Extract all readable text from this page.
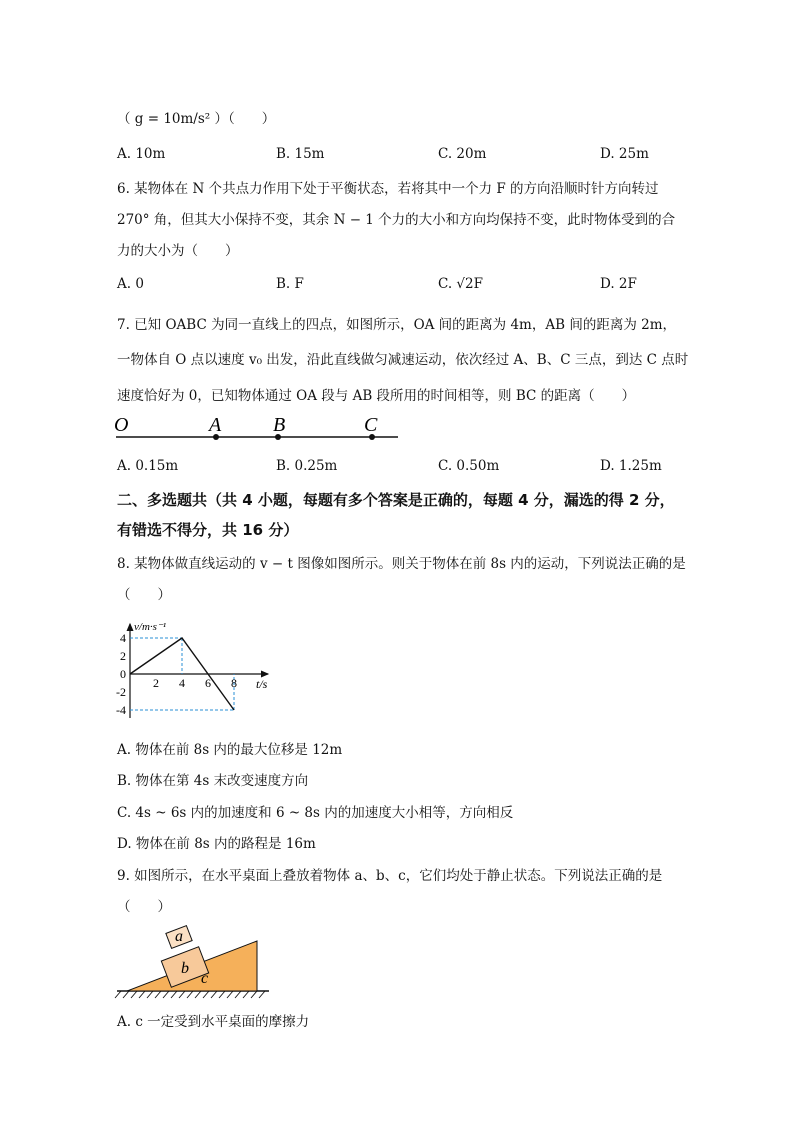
（ g = 10m/s² ）（　　）
A. 10m	B. 15m	C. 20m	D. 25m
6. 某物体在 N 个共点力作用下处于平衡状态，若将其中一个力 F 的方向沿顺时针方向转过
270° 角，但其大小保持不变，其余 N − 1 个力的大小和方向均保持不变，此时物体受到的合
力的大小为（　　）
A. 0	B. F	C. √2F	D. 2F
7. 已知 OABC 为同一直线上的四点，如图所示，OA 间的距离为 4m，AB 间的距离为 2m，
一物体自 O 点以速度 v₀ 出发，沿此直线做匀减速运动，依次经过 A、B、C 三点，到达 C 点时
速度恰好为 0，已知物体通过 OA 段与 AB 段所用的时间相等，则 BC 的距离（　　）
O	A	B	C
A. 0.15m	B. 0.25m	C. 0.50m	D. 1.25m
二、多选题共（共 4 小题，每题有多个答案是正确的，每题 4 分，漏选的得 2 分，
有错选不得分，共 16 分）
8. 某物体做直线运动的 v − t 图像如图所示。则关于物体在前 8s 内的运动，下列说法正确的是
（　　）
v/m·s⁻¹
t/s
2 4 6 8
4
2
0
-2
-4
A. 物体在前 8s 内的最大位移是 12m
B. 物体在第 4s 末改变速度方向
C. 4s ~ 6s 内的加速度和 6 ~ 8s 内的加速度大小相等，方向相反
D. 物体在前 8s 内的路程是 16m
9. 如图所示，在水平桌面上叠放着物体 a、b、c，它们均处于静止状态。下列说法正确的是
（　　）
a
b
c
A. c 一定受到水平桌面的摩擦力
